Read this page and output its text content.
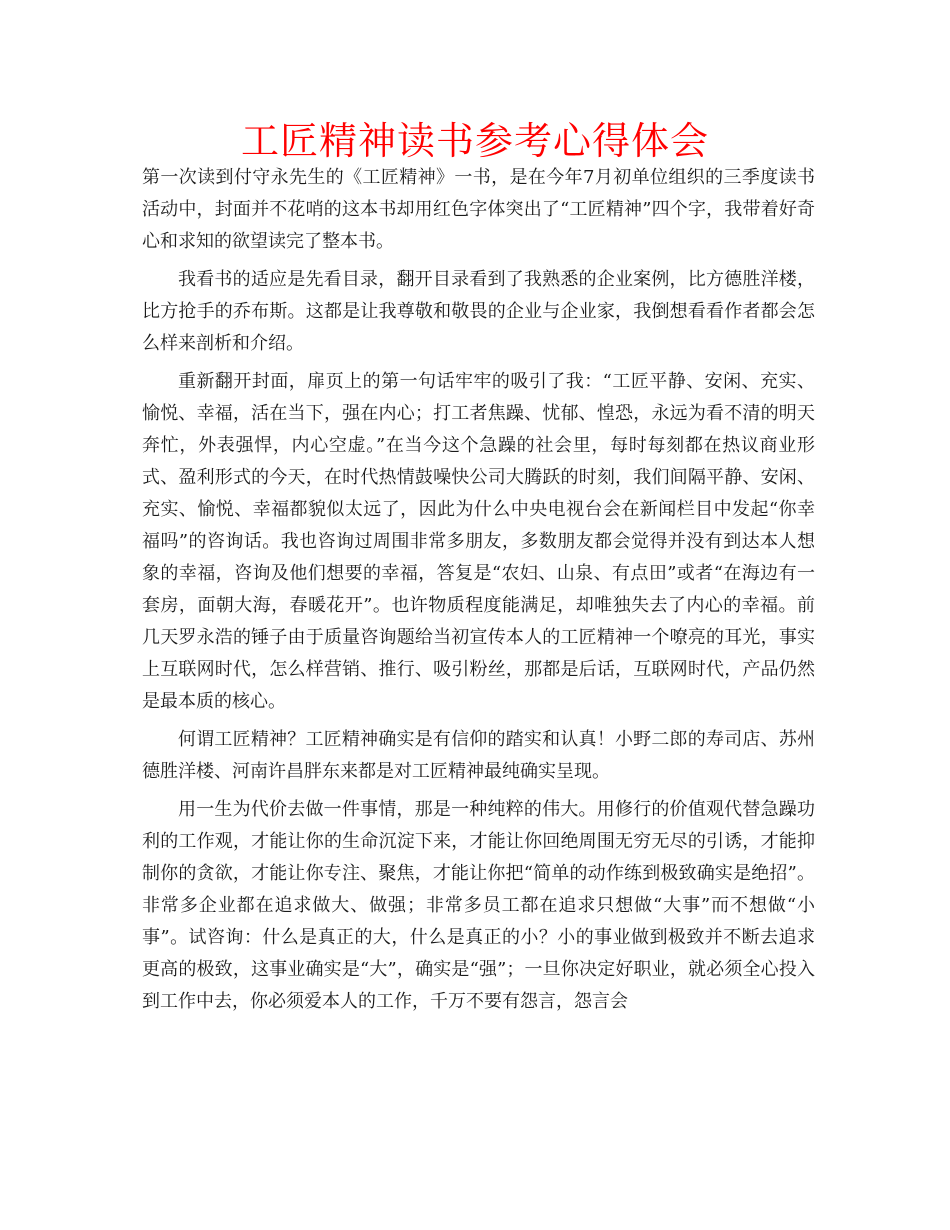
工匠精神读书参考心得体会

第一次读到付守永先生的《工匠精神》一书，是在今年7月初单位组织的三季度读书活动中，封面并不花哨的这本书却用红色字体突出了“工匠精神”四个字，我带着好奇心和求知的欲望读完了整本书。

我看书的适应是先看目录，翻开目录看到了我熟悉的企业案例，比方德胜洋楼，比方抢手的乔布斯。这都是让我尊敬和敬畏的企业与企业家，我倒想看看作者都会怎么样来剖析和介绍。

重新翻开封面，扉页上的第一句话牢牢的吸引了我：“工匠平静、安闲、充实、愉悦、幸福，活在当下，强在内心；打工者焦躁、忧郁、惶恐，永远为看不清的明天奔忙，外表强悍，内心空虚。”在当今这个急躁的社会里，每时每刻都在热议商业形式、盈利形式的今天，在时代热情鼓噪快公司大腾跃的时刻，我们间隔平静、安闲、充实、愉悦、幸福都貌似太远了，因此为什么中央电视台会在新闻栏目中发起“你幸福吗”的咨询话。我也咨询过周围非常多朋友，多数朋友都会觉得并没有到达本人想象的幸福，咨询及他们想要的幸福，答复是“农妇、山泉、有点田”或者“在海边有一套房，面朝大海，春暖花开”。也许物质程度能满足，却唯独失去了内心的幸福。前几天罗永浩的锤子由于质量咨询题给当初宣传本人的工匠精神一个嘹亮的耳光，事实上互联网时代，怎么样营销、推行、吸引粉丝，那都是后话，互联网时代，产品仍然是最本质的核心。

何谓工匠精神？工匠精神确实是有信仰的踏实和认真！小野二郎的寿司店、苏州德胜洋楼、河南许昌胖东来都是对工匠精神最纯确实呈现。

用一生为代价去做一件事情，那是一种纯粹的伟大。用修行的价值观代替急躁功利的工作观，才能让你的生命沉淀下来，才能让你回绝周围无穷无尽的引诱，才能抑制你的贪欲，才能让你专注、聚焦，才能让你把“简单的动作练到极致确实是绝招”。非常多企业都在追求做大、做强；非常多员工都在追求只想做“大事”而不想做“小事”。试咨询：什么是真正的大，什么是真正的小？小的事业做到极致并不断去追求更高的极致，这事业确实是“大”，确实是“强”；一旦你决定好职业，就必须全心投入到工作中去，你必须爱本人的工作，千万不要有怨言，怨言会
